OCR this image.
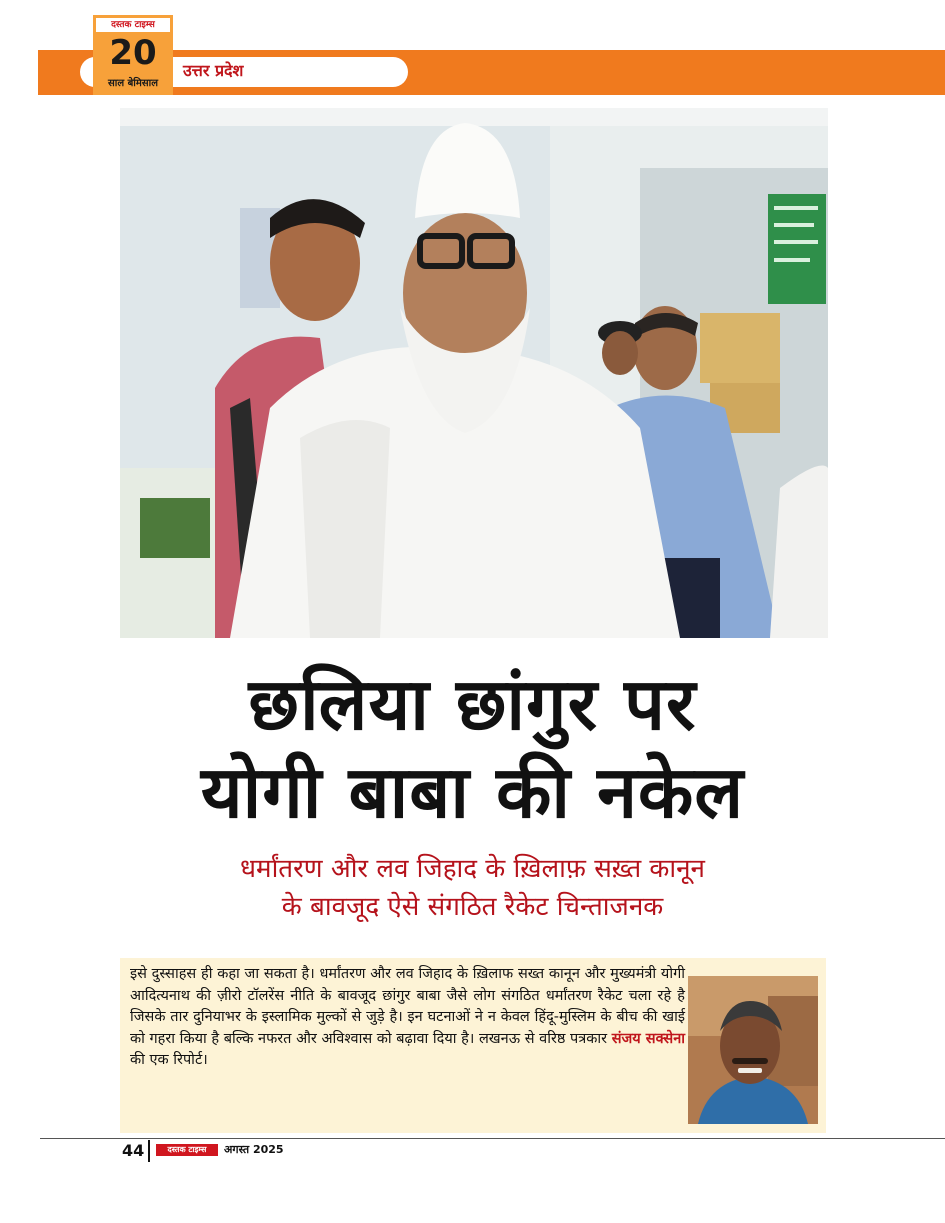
उत्तर प्रदेश
दस्तक टाइम्स
20
साल बेमिसाल
छलिया छांगुर पर
योगी बाबा की नकेल
धर्मांतरण और लव जिहाद के ख़िलाफ़ सख़्त कानून
के बावजूद ऐसे संगठित रैकेट चिन्ताजनक
इसे दुस्साहस ही कहा जा सकता है। धर्मांतरण और लव जिहाद के ख़िलाफ सख्त कानून और मुख्यमंत्री योगी आदित्यनाथ की ज़ीरो टॉलरेंस नीति के बावजूद छांगुर बाबा जैसे लोग संगठित धर्मांतरण रैकेट चला रहे है जिसके तार दुनियाभर के इस्लामिक मुल्कों से जुड़े है। इन घटनाओं ने न केवल हिंदू-मुस्लिम के बीच की खाई को गहरा किया है बल्कि नफरत और अविश्वास को बढ़ावा दिया है। लखनऊ से वरिष्ठ पत्रकार संजय सक्सेना की एक रिपोर्ट।
44	दस्तक टाइम्स	अगस्त 2025
